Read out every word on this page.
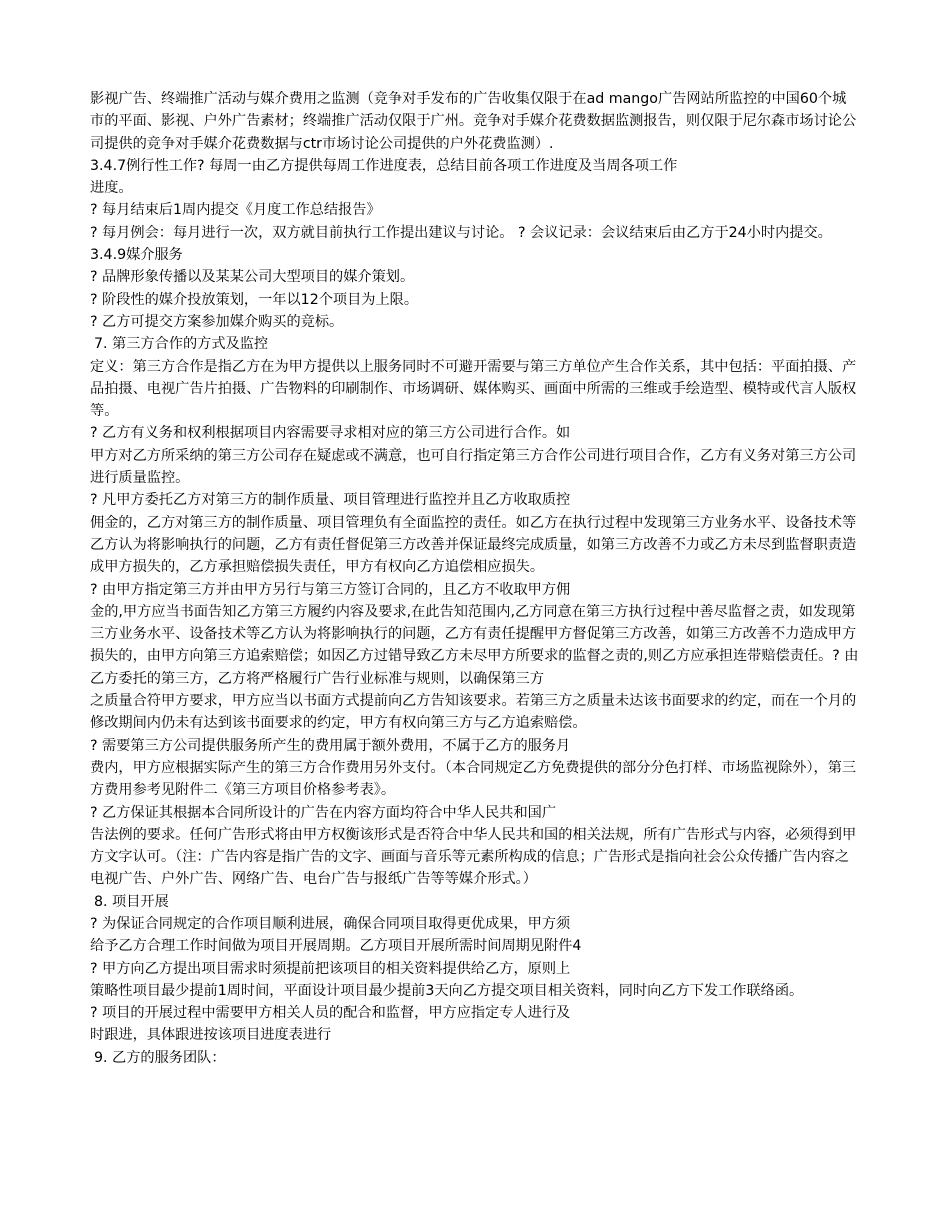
影视广告、终端推广活动与媒介费用之监测（竞争对手发布的广告收集仅限于在ad mango广告网站所监控的中国60个城市的平面、影视、户外广告素材；终端推广活动仅限于广州。竞争对手媒介花费数据监测报告，则仅限于尼尔森市场讨论公司提供的竞争对手媒介花费数据与ctr市场讨论公司提供的户外花费监测）.

3.4.7例行性工作? 每周一由乙方提供每周工作进度表，总结目前各项工作进度及当周各项工作

进度。

? 每月结束后1周内提交《月度工作总结报告》

? 每月例会：每月进行一次，双方就目前执行工作提出建议与讨论。 ? 会议记录：会议结束后由乙方于24小时内提交。

3.4.9媒介服务

? 品牌形象传播以及某某公司大型项目的媒介策划。

? 阶段性的媒介投放策划，一年以12个项目为上限。

? 乙方可提交方案参加媒介购买的竞标。

7. 第三方合作的方式及监控

定义：第三方合作是指乙方在为甲方提供以上服务同时不可避开需要与第三方单位产生合作关系，其中包括：平面拍摄、产品拍摄、电视广告片拍摄、广告物料的印刷制作、市场调研、媒体购买、画面中所需的三维或手绘造型、模特或代言人版权等。

? 乙方有义务和权利根据项目内容需要寻求相对应的第三方公司进行合作。如

甲方对乙方所采纳的第三方公司存在疑虑或不满意，也可自行指定第三方合作公司进行项目合作，乙方有义务对第三方公司进行质量监控。

? 凡甲方委托乙方对第三方的制作质量、项目管理进行监控并且乙方收取质控

佣金的，乙方对第三方的制作质量、项目管理负有全面监控的责任。如乙方在执行过程中发现第三方业务水平、设备技术等乙方认为将影响执行的问题，乙方有责任督促第三方改善并保证最终完成质量，如第三方改善不力或乙方未尽到监督职责造成甲方损失的，乙方承担赔偿损失责任，甲方有权向乙方追偿相应损失。

? 由甲方指定第三方并由甲方另行与第三方签订合同的，且乙方不收取甲方佣

金的,甲方应当书面告知乙方第三方履约内容及要求,在此告知范围内,乙方同意在第三方执行过程中善尽监督之责，如发现第三方业务水平、设备技术等乙方认为将影响执行的问题，乙方有责任提醒甲方督促第三方改善，如第三方改善不力造成甲方损失的，由甲方向第三方追索赔偿；如因乙方过错导致乙方未尽甲方所要求的监督之责的,则乙方应承担连带赔偿责任。? 由乙方委托的第三方，乙方将严格履行广告行业标准与规则，以确保第三方

之质量合符甲方要求，甲方应当以书面方式提前向乙方告知该要求。若第三方之质量未达该书面要求的约定，而在一个月的修改期间内仍未有达到该书面要求的约定，甲方有权向第三方与乙方追索赔偿。

? 需要第三方公司提供服务所产生的费用属于额外费用，不属于乙方的服务月

费内，甲方应根据实际产生的第三方合作费用另外支付。（本合同规定乙方免费提供的部分分色打样、市场监视除外），第三方费用参考见附件二《第三方项目价格参考表》。

? 乙方保证其根据本合同所设计的广告在内容方面均符合中华人民共和国广

告法例的要求。任何广告形式将由甲方权衡该形式是否符合中华人民共和国的相关法规，所有广告形式与内容，必须得到甲方文字认可。（注：广告内容是指广告的文字、画面与音乐等元素所构成的信息；广告形式是指向社会公众传播广告内容之电视广告、户外广告、网络广告、电台广告与报纸广告等等媒介形式。）

8. 项目开展

? 为保证合同规定的合作项目顺利进展，确保合同项目取得更优成果，甲方须

给予乙方合理工作时间做为项目开展周期。乙方项目开展所需时间周期见附件4

? 甲方向乙方提出项目需求时须提前把该项目的相关资料提供给乙方，原则上

策略性项目最少提前1周时间，平面设计项目最少提前3天向乙方提交项目相关资料，同时向乙方下发工作联络函。

? 项目的开展过程中需要甲方相关人员的配合和监督，甲方应指定专人进行及

时跟进，具体跟进按该项目进度表进行

9. 乙方的服务团队：
